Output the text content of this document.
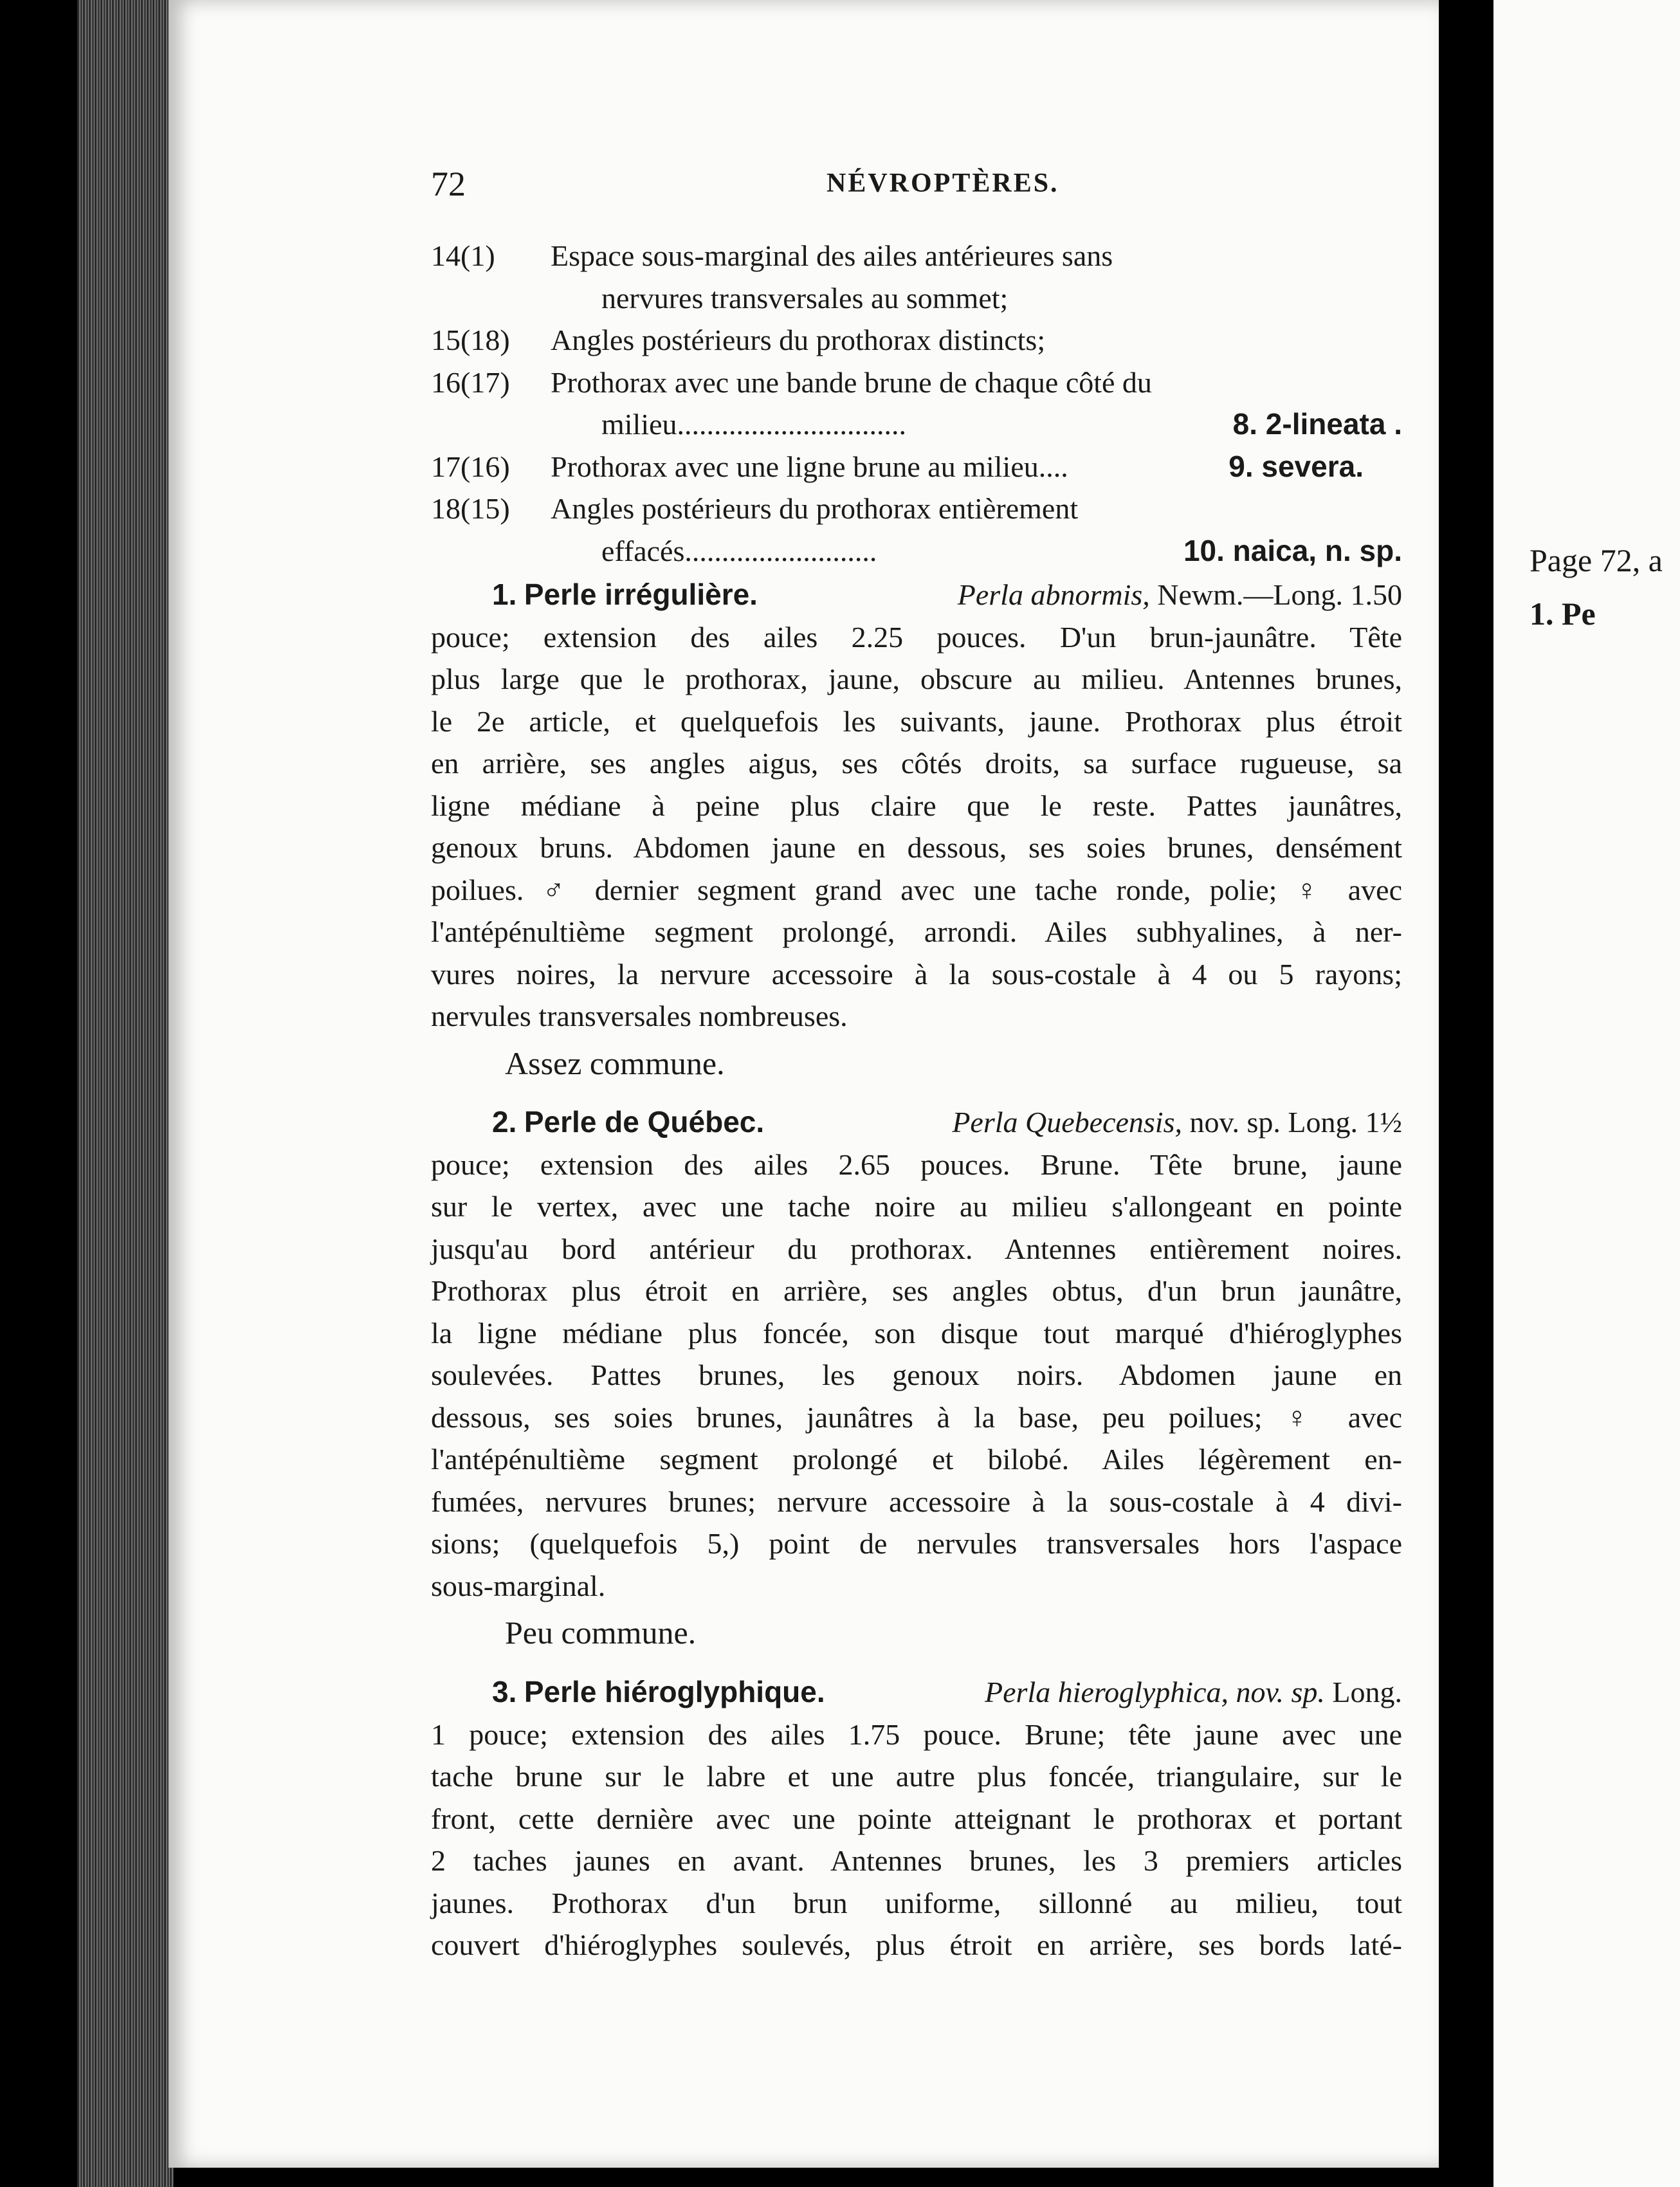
72	NÉVROPTÈRES.
14(1)	Espace sous-marginal des ailes antérieures sans
nervures transversales au sommet;
15(18)	Angles postérieurs du prothorax distincts;
16(17)	Prothorax avec une bande brune de chaque côté du
milieu ...............................	8. 2-lineata .
17(16)	Prothorax avec une ligne brune au milieu....	9. severa.
18(15)	Angles postérieurs du prothorax entièrement
effacés ..........................	10. naica, n. sp.
1. Perle irrégulière.	Perla abnormis, Newm.—Long. 1.50
pouce; extension des ailes 2.25 pouces. D'un brun-jaunâtre. Tête
plus large que le prothorax, jaune, obscure au milieu. Antennes brunes,
le 2e article, et quelquefois les suivants, jaune. Prothorax plus étroit
en arrière, ses angles aigus, ses côtés droits, sa surface rugueuse, sa
ligne médiane à peine plus claire que le reste. Pattes jaunâtres,
genoux bruns. Abdomen jaune en dessous, ses soies brunes, densément
poilues. ♂ dernier segment grand avec une tache ronde, polie; ♀ avec
l'antépénultième segment prolongé, arrondi. Ailes subhyalines, à ner-
vures noires, la nervure accessoire à la sous-costale à 4 ou 5 rayons;
nervules transversales nombreuses.
Assez commune.
2. Perle de Québec.	Perla Quebecensis, nov. sp. Long. 1½
pouce; extension des ailes 2.65 pouces. Brune. Tête brune, jaune
sur le vertex, avec une tache noire au milieu s'allongeant en pointe
jusqu'au bord antérieur du prothorax. Antennes entièrement noires.
Prothorax plus étroit en arrière, ses angles obtus, d'un brun jaunâtre,
la ligne médiane plus foncée, son disque tout marqué d'hiéroglyphes
soulevées. Pattes brunes, les genoux noirs. Abdomen jaune en
dessous, ses soies brunes, jaunâtres à la base, peu poilues; ♀ avec
l'antépénultième segment prolongé et bilobé. Ailes légèrement en-
fumées, nervures brunes; nervure accessoire à la sous-costale à 4 divi-
sions; (quelquefois 5,) point de nervules transversales hors l'aspace
sous-marginal.
Peu commune.
3. Perle hiéroglyphique.	Perla hieroglyphica, nov. sp. Long.
1 pouce; extension des ailes 1.75 pouce. Brune; tête jaune avec une
tache brune sur le labre et une autre plus foncée, triangulaire, sur le
front, cette dernière avec une pointe atteignant le prothorax et portant
2 taches jaunes en avant. Antennes brunes, les 3 premiers articles
jaunes. Prothorax d'un brun uniforme, sillonné au milieu, tout
couvert d'hiéroglyphes soulevés, plus étroit en arrière, ses bords laté-
Page 72, a
1. Pe
